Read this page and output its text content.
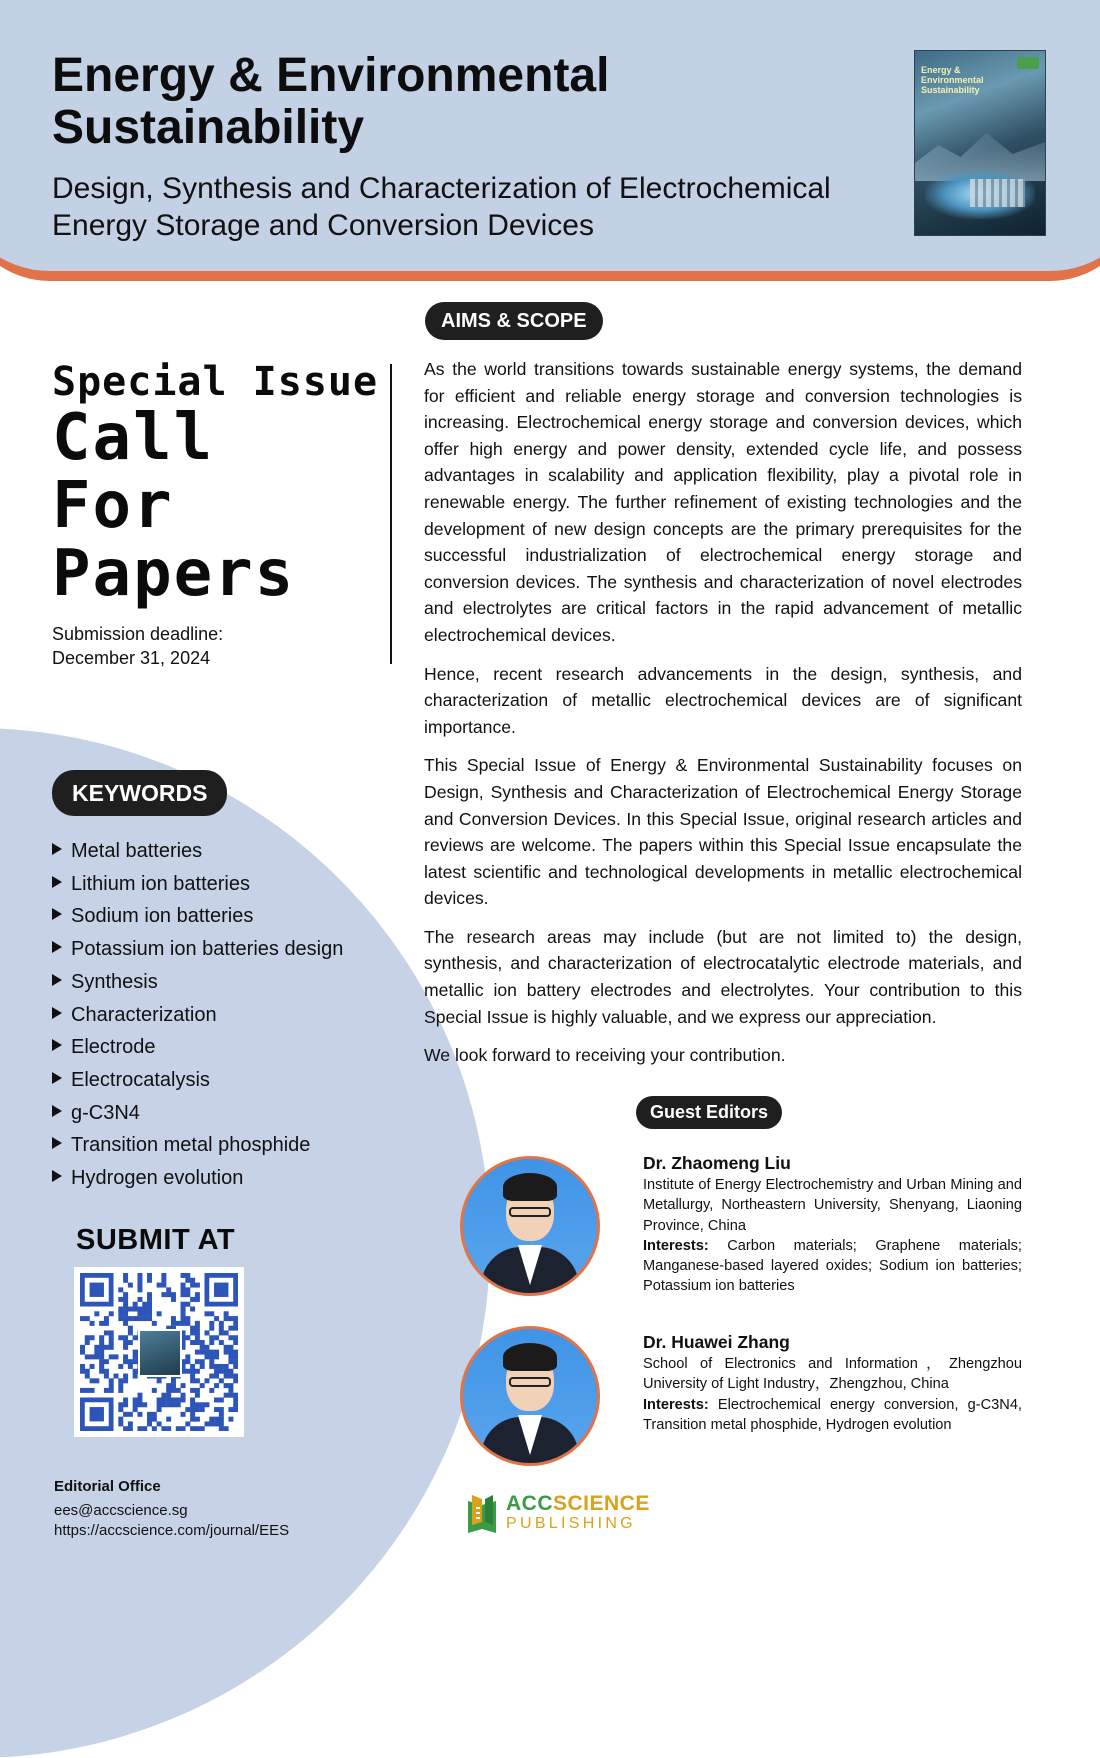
Energy & Environmental Sustainability
Design, Synthesis and Characterization of Electrochemical Energy Storage and Conversion Devices
Energy & Environmental Sustainability
Special Issue
Call
For
Papers
Submission deadline:
December 31, 2024
KEYWORDS
Metal batteries
Lithium ion batteries
Sodium ion batteries
Potassium ion batteries design
Synthesis
Characterization
Electrode
Electrocatalysis
g-C3N4
Transition metal phosphide
Hydrogen evolution
SUBMIT AT
Editorial Office
ees@accscience.sg
https://accscience.com/journal/EES
AIMS & SCOPE

As the world transitions towards sustainable energy systems, the demand for efficient and reliable energy storage and conversion technologies is increasing. Electrochemical energy storage and conversion devices, which offer high energy and power density, extended cycle life, and possess advantages in scalability and application flexibility, play a pivotal role in renewable energy. The further refinement of existing technologies and the development of new design concepts are the primary prerequisites for the successful industrialization of electrochemical energy storage and conversion devices. The synthesis and characterization of novel electrodes and electrolytes are critical factors in the rapid advancement of metallic electrochemical devices.

Hence, recent research advancements in the design, synthesis, and characterization of metallic electrochemical devices are of significant importance.

This Special Issue of Energy & Environmental Sustainability focuses on Design, Synthesis and Characterization of Electrochemical Energy Storage and Conversion Devices. In this Special Issue, original research articles and reviews are welcome. The papers within this Special Issue encapsulate the latest scientific and technological developments in metallic electrochemical devices.

The research areas may include (but are not limited to) the design, synthesis, and characterization of electrocatalytic electrode materials, and metallic ion battery electrodes and electrolytes. Your contribution to this Special Issue is highly valuable, and we express our appreciation.

We look forward to receiving your contribution.

Guest Editors
Dr. Zhaomeng Liu
Institute of Energy Electrochemistry and Urban Mining and Metallurgy, Northeastern University, Shenyang, Liaoning Province, China
Interests: Carbon materials; Graphene materials; Manganese-based layered oxides; Sodium ion batteries; Potassium ion batteries
Dr. Huawei Zhang
School of Electronics and Information，Zhengzhou University of Light Industry，Zhengzhou, China
Interests: Electrochemical energy conversion, g-C3N4, Transition metal phosphide, Hydrogen evolution
ACCSCIENCE
PUBLISHING
